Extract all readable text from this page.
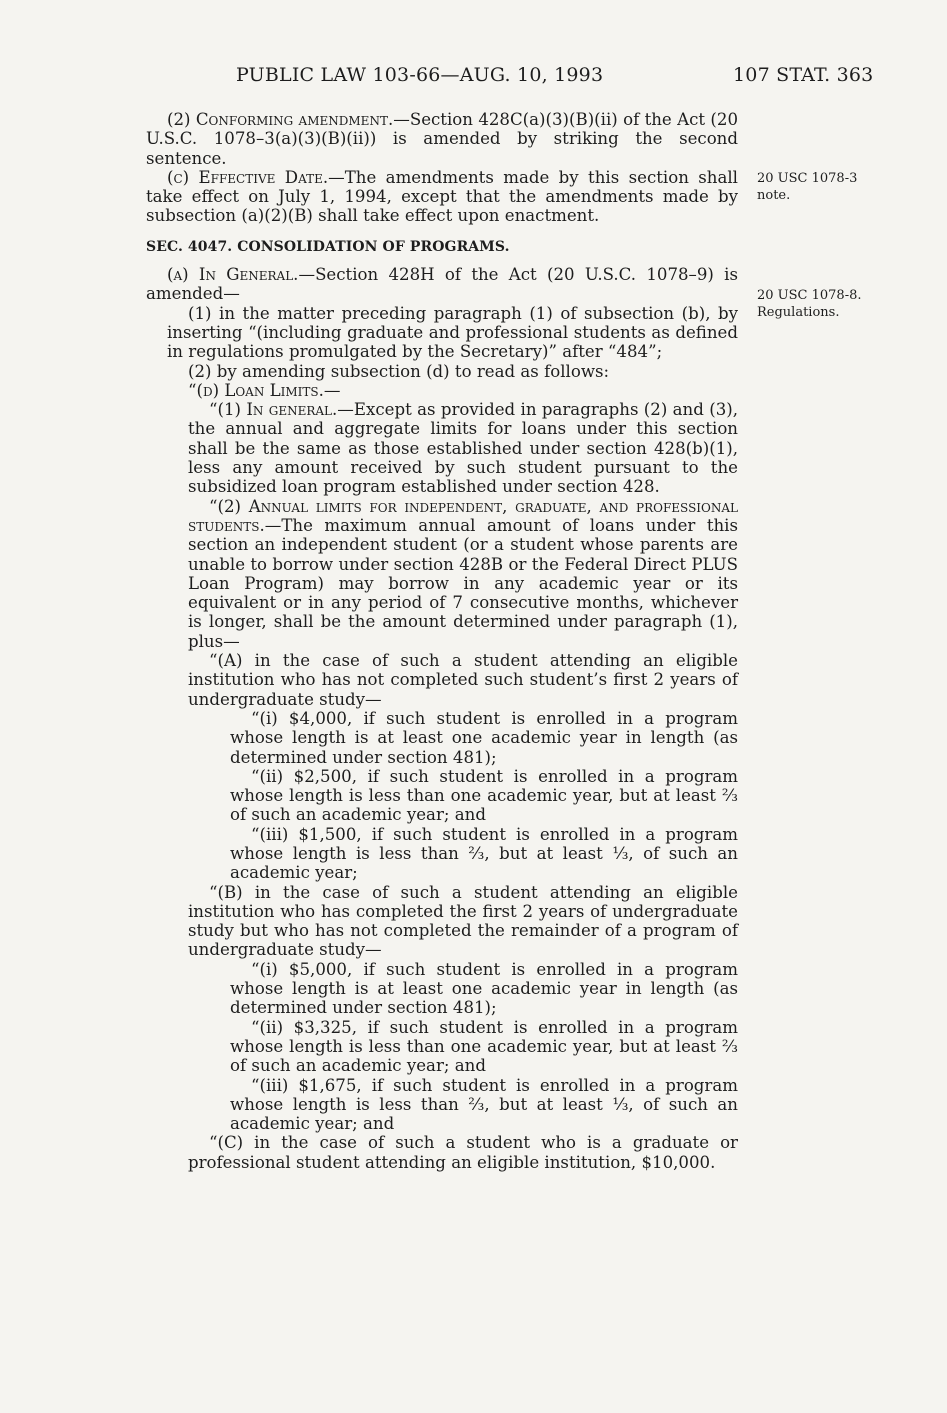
PUBLIC LAW 103-66—AUG. 10, 1993	107 STAT. 363
20 USC 1078-3
note.
20 USC 1078-8.
Regulations.

(2) Conforming amendment.—Section 428C(a)(3)(B)(ii) of the Act (20 U.S.C. 1078–3(a)(3)(B)(ii)) is amended by striking the second sentence.

(c) Effective Date.—The amendments made by this section shall take effect on July 1, 1994, except that the amendments made by subsection (a)(2)(B) shall take effect upon enactment.

SEC. 4047. CONSOLIDATION OF PROGRAMS.

(a) In General.—Section 428H of the Act (20 U.S.C. 1078–9) is amended—

(1) in the matter preceding paragraph (1) of subsection (b), by inserting “(including graduate and professional students as defined in regulations promulgated by the Secretary)” after “484”;

(2) by amending subsection (d) to read as follows:

“(d) Loan Limits.—

“(1) In general.—Except as provided in paragraphs (2) and (3), the annual and aggregate limits for loans under this section shall be the same as those established under section 428(b)(1), less any amount received by such student pursuant to the subsidized loan program established under section 428.

“(2) Annual limits for independent, graduate, and professional students.—The maximum annual amount of loans under this section an independent student (or a student whose parents are unable to borrow under section 428B or the Federal Direct PLUS Loan Program) may borrow in any academic year or its equivalent or in any period of 7 consecutive months, whichever is longer, shall be the amount determined under paragraph (1), plus—

“(A) in the case of such a student attending an eligible institution who has not completed such student’s first 2 years of undergraduate study—

“(i) $4,000, if such student is enrolled in a program whose length is at least one academic year in length (as determined under section 481);

“(ii) $2,500, if such student is enrolled in a program whose length is less than one academic year, but at least ⅔ of such an academic year; and

“(iii) $1,500, if such student is enrolled in a program whose length is less than ⅔, but at least ⅓, of such an academic year;

“(B) in the case of such a student attending an eligible institution who has completed the first 2 years of undergraduate study but who has not completed the remainder of a program of undergraduate study—

“(i) $5,000, if such student is enrolled in a program whose length is at least one academic year in length (as determined under section 481);

“(ii) $3,325, if such student is enrolled in a program whose length is less than one academic year, but at least ⅔ of such an academic year; and

“(iii) $1,675, if such student is enrolled in a program whose length is less than ⅔, but at least ⅓, of such an academic year; and

“(C) in the case of such a student who is a graduate or professional student attending an eligible institution, $10,000.
